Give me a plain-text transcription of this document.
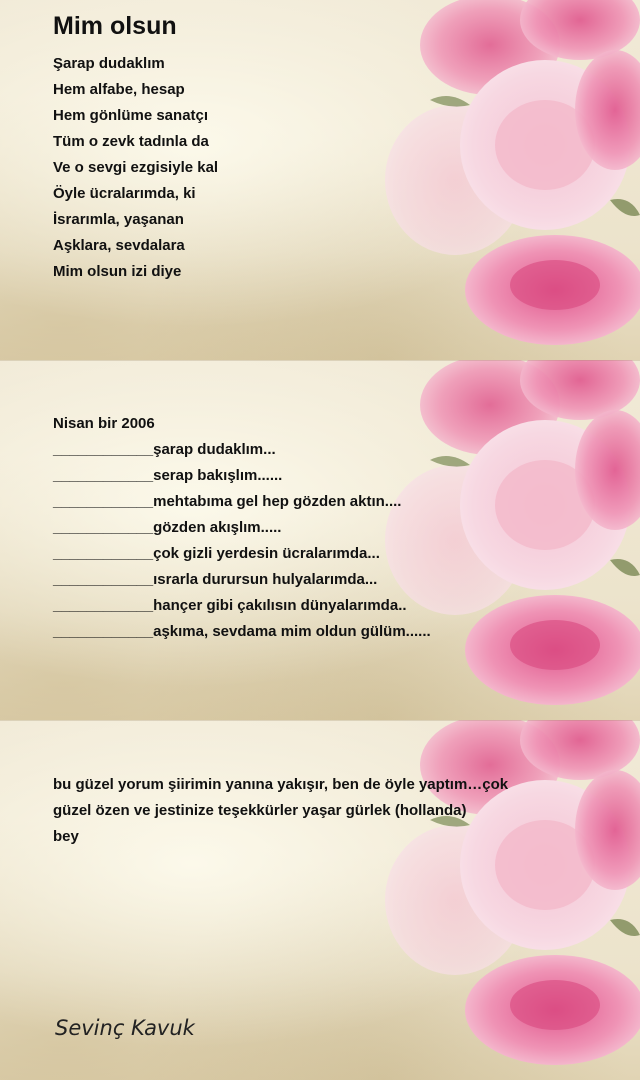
Mim olsun
Şarap dudaklım
Hem alfabe, hesap
Hem gönlüme sanatçı
Tüm o zevk tadınla da
Ve o sevgi ezgisiyle kal
Öyle ücralarımda, ki
İsrarımla, yaşanan
Aşklara, sevdalara
Mim olsun izi diye
Nisan bir 2006
____________şarap dudaklım...
____________serap bakışlım......
____________mehtabıma gel hep gözden aktın....
____________gözden akışlım.....
____________çok gizli yerdesin ücralarımda...
____________ısrarla durursun hulyalarımda...
____________hançer gibi çakılısın dünyalarımda..
____________aşkıma, sevdama mim oldun gülüm......
bu güzel yorum şiirimin yanına yakışır, ben de öyle yaptım…çok
güzel özen ve jestinize teşekkürler yaşar gürlek (hollanda)
bey
Sevinç Kavuk
